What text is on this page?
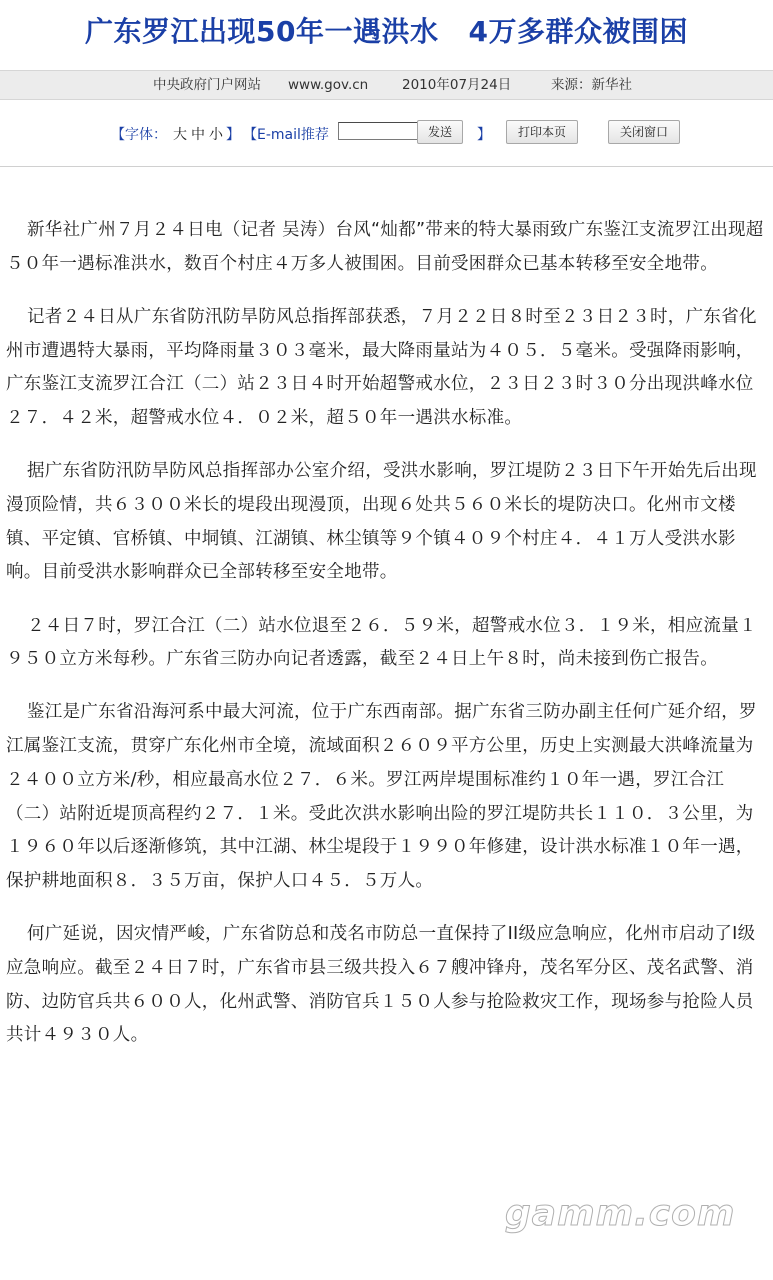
广东罗江出现50年一遇洪水 4万多群众被围困
中央政府门户网站 www.gov.cn	2010年07月24日	来源：新华社
【字体： 大 中 小 】 【E-mail推荐	发送	】	打印本页	关闭窗口

新华社广州７月２４日电（记者 吴涛）台风“灿都”带来的特大暴雨致广东鉴江支流罗江出现超５０年一遇标准洪水，数百个村庄４万多人被围困。目前受困群众已基本转移至安全地带。

记者２４日从广东省防汛防旱防风总指挥部获悉，７月２２日８时至２３日２３时，广东省化州市遭遇特大暴雨，平均降雨量３０３毫米，最大降雨量站为４０５．５毫米。受强降雨影响，广东鉴江支流罗江合江（二）站２３日４时开始超警戒水位，２３日２３时３０分出现洪峰水位２７．４２米，超警戒水位４．０２米，超５０年一遇洪水标准。

据广东省防汛防旱防风总指挥部办公室介绍，受洪水影响，罗江堤防２３日下午开始先后出现漫顶险情，共６３００米长的堤段出现漫顶，出现６处共５６０米长的堤防决口。化州市文楼镇、平定镇、官桥镇、中垌镇、江湖镇、林尘镇等９个镇４０９个村庄４．４１万人受洪水影响。目前受洪水影响群众已全部转移至安全地带。

２４日７时，罗江合江（二）站水位退至２６．５９米，超警戒水位３．１９米，相应流量１９５０立方米每秒。广东省三防办向记者透露，截至２４日上午８时，尚未接到伤亡报告。

鉴江是广东省沿海河系中最大河流，位于广东西南部。据广东省三防办副主任何广延介绍，罗江属鉴江支流，贯穿广东化州市全境，流域面积２６０９平方公里，历史上实测最大洪峰流量为２４００立方米/秒，相应最高水位２７．６米。罗江两岸堤围标准约１０年一遇，罗江合江（二）站附近堤顶高程约２７．１米。受此次洪水影响出险的罗江堤防共长１１０．３公里，为１９６０年以后逐渐修筑，其中江湖、林尘堤段于１９９０年修建，设计洪水标准１０年一遇，保护耕地面积８．３５万亩，保护人口４５．５万人。

何广延说，因灾情严峻，广东省防总和茂名市防总一直保持了II级应急响应，化州市启动了I级应急响应。截至２４日７时，广东省市县三级共投入６７艘冲锋舟，茂名军分区、茂名武警、消防、边防官兵共６００人，化州武警、消防官兵１５０人参与抢险救灾工作，现场参与抢险人员共计４９３０人。

gamm.com
